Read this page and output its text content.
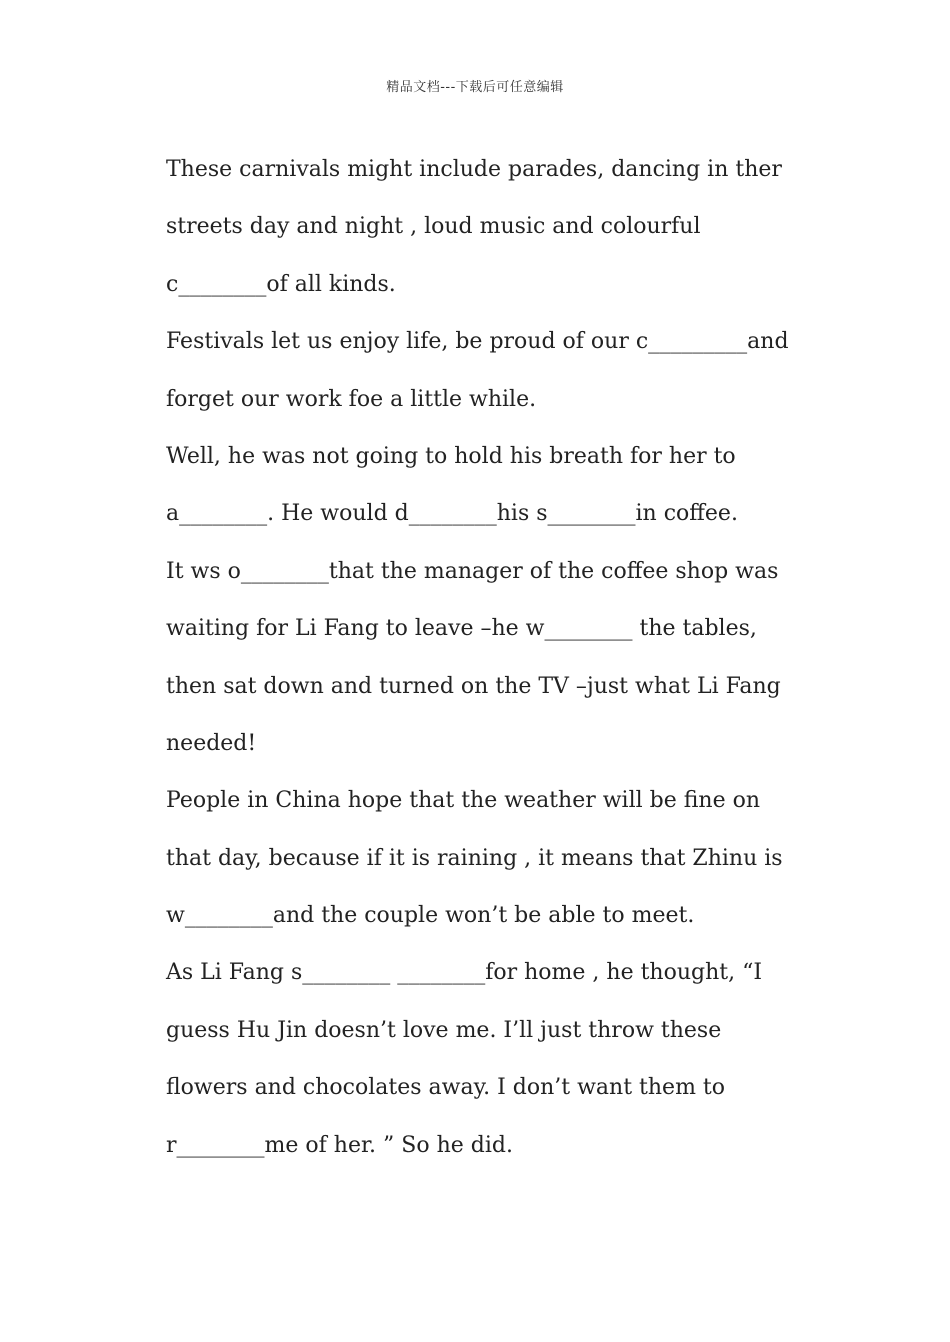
精品文档---下载后可任意编辑
These carnivals might include parades, dancing in ther
streets day and night , loud music and colourful
c________of all kinds.
Festivals let us enjoy life, be proud of our c_________and
forget our work foe a little while.
Well, he was not going to hold his breath for her to
a________. He would d________his s________in coffee.
It ws o________that the manager of the coffee shop was
waiting for Li Fang to leave –he w________ the tables,
then sat down and turned on the TV –just what Li Fang
needed!
People in China hope that the weather will be fine on
that day, because if it is raining , it means that Zhinu is
w________and the couple won’t be able to meet.
As Li Fang s________ ________for home , he thought, “I
guess Hu Jin doesn’t love me. I’ll just throw these
flowers and chocolates away. I don’t want them to
r________me of her. ” So he did.
